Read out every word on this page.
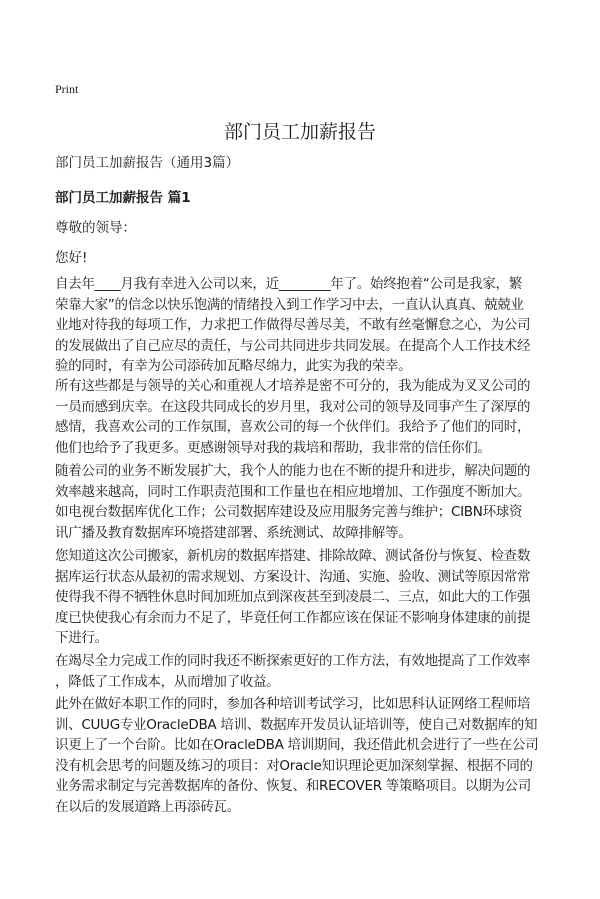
Print
部门员工加薪报告
部门员工加薪报告（通用3篇）
部门员工加薪报告 篇1
尊敬的领导：
您好!
自去年____月我有幸进入公司以来，近________年了。始终抱着“公司是我家，繁
荣靠大家”的信念以快乐饱满的情绪投入到工作学习中去，一直认认真真、兢兢业
业地对待我的每项工作，力求把工作做得尽善尽美，不敢有丝毫懈怠之心，为公司
的发展做出了自己应尽的责任，与公司共同进步共同发展。在提高个人工作技术经
验的同时，有幸为公司添砖加瓦略尽绵力，此实为我的荣幸。
所有这些都是与领导的关心和重视人才培养是密不可分的，我为能成为叉叉公司的
一员而感到庆幸。在这段共同成长的岁月里，我对公司的领导及同事产生了深厚的
感情，我喜欢公司的工作氛围，喜欢公司的每一个伙伴们。我给予了他们的同时，
他们也给予了我更多。更感谢领导对我的栽培和帮助，我非常的信任你们。
随着公司的业务不断发展扩大，我个人的能力也在不断的提升和进步，解决问题的
效率越来越高，同时工作职责范围和工作量也在相应地增加、工作强度不断加大。
如电视台数据库优化工作；公司数据库建设及应用服务完善与维护；CIBN环球资
讯广播及教育数据库环境搭建部署、系统测试、故障排解等。
您知道这次公司搬家，新机房的数据库搭建、排除故障、测试备份与恢复、检查数
据库运行状态从最初的需求规划、方案设计、沟通、实施、验收、测试等原因常常
使得我不得不牺牲休息时间加班加点到深夜甚至到凌晨二、三点，如此大的工作强
度已快使我心有余而力不足了，毕竟任何工作都应该在保证不影响身体建康的前提
下进行。
在竭尽全力完成工作的同时我还不断探索更好的工作方法，有效地提高了工作效率
，降低了工作成本，从而增加了收益。
此外在做好本职工作的同时，参加各种培训考试学习，比如思科认证网络工程师培
训、CUUG专业OracleDBA 培训、数据库开发员认证培训等，使自己对数据库的知
识更上了一个台阶。比如在OracleDBA 培训期间，我还借此机会进行了一些在公司
没有机会思考的问题及练习的项目：对Oracle知识理论更加深刻掌握、根据不同的
业务需求制定与完善数据库的备份、恢复、和RECOVER 等策略项目。以期为公司
在以后的发展道路上再添砖瓦。
